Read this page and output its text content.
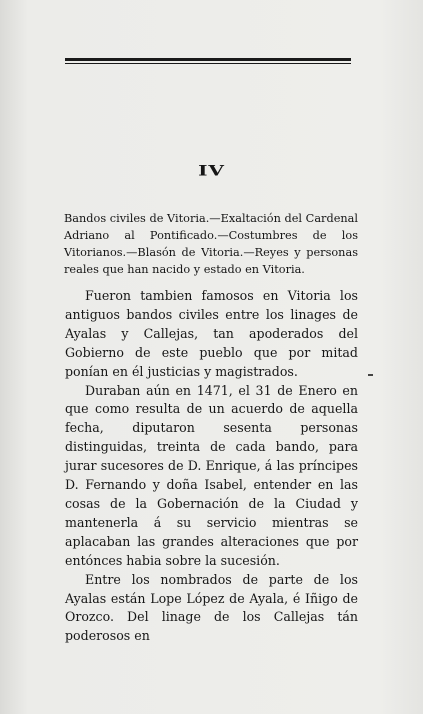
IV
Bandos civiles de Vitoria.—Exaltación del Cardenal Adriano al Pontificado.—Costumbres de los Vitorianos.—Blasón de Vitoria.—Reyes y personas reales que han nacido y estado en Vitoria.

Fueron tambien famosos en Vitoria los antiguos bandos civiles entre los linages de Ayalas y Callejas, tan apoderados del Gobierno de este pueblo que por mitad ponían en él justicias y magistrados.

Duraban aún en 1471, el 31 de Enero en que como resulta de un acuerdo de aquella fecha, diputaron sesenta personas distinguidas, treinta de cada bando, para jurar sucesores de D. Enrique, á las príncipes D. Fernando y doña Isabel, entender en las cosas de la Gobernación de la Ciudad y mantenerla á su servicio mientras se aplacaban las grandes alteraciones que por entónces habia sobre la sucesión.

Entre los nombrados de parte de los Ayalas están Lope López de Ayala, é Iñigo de Orozco. Del linage de los Callejas tán poderosos en
